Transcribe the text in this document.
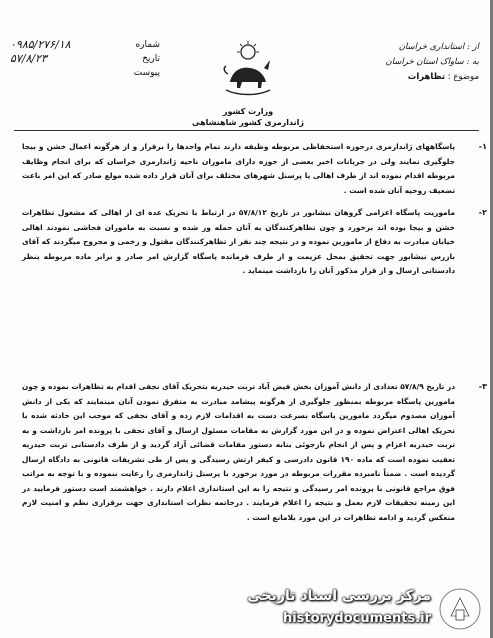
شماره
۰۹۸۵/۲۷۶/۱۸
تاریخ
۵۷/۸/۲۳
پیوست
وزارت کشور
ژاندارمری کشور شاهنشاهی
از : استانداری خراسان
به : ساواک استان خراسان
موضوع : تظاهرات
۱-
پاسگاههای ژاندارمری درحوزه استحفاظی مربوطه وظیفه دارند تمام واحدها را برقرار و از هرگونه اعمال خشن و بیجا جلوگیری نمایند ولی در جریانات اخیر بعضی از حوزه دارای ماموران ناحیه ژاندارمری خراسان که برای انجام وظایف مربوطه اقدام نموده اند از طرف اهالی یا پرسنل شهرهای مختلف برای آنان قرار داده شده مولع صادر که این امر باعث تضعیف روحیه آنان شده است .
۲-
ماموریت پاسگاه اعزامی گروهان نیشابور در تاریخ ۵۷/۸/۱۲ در ارتباط با تحریک عده ای از اهالی که مشغول تظاهرات خشن و بیجا بوده اند برخورد و چون تظاهرکنندگان به آنان حمله ور شده و نسبت به ماموران فحاشی نمودند اهالی خیابان مبادرت به دفاع از مامورین نموده و در نتیجه چند نفر از تظاهرکنندگان مقتول و زخمی و مجروح میگردند که آقای بازرس نیشابور جهت تحقیق بمحل عزیمت و از طرف فرمانده پاسگاه گزارش امر صادر و برابر ماده مربوطه بنظر دادستانی ارسال و از قرار مذکور آنان را بازداشت مینماید .
۳-
در تاریخ ۵۷/۸/۹ تعدادی از دانش آموزان بخش فیض آباد تربت حیدریه بتحریک آقای نجفی اقدام به تظاهرات نموده و چون مامورین پاسگاه مربوطه بمنظور جلوگیری از هرگونه پیشامد مبادرت به متفرق نمودن آنان مینمایند که یکی از دانش آموزان مصدوم میگردد مامورین پاسگاه بسرعت دست به اقدامات لازم زده و آقای نجفی که موجب این حادثه شده با تحریک اهالی اعتراض نموده و در این مورد گزارش به مقامات مسئول ارسال و آقای نجفی با پرونده امر بازداشت و به تربت حیدریه اعزام و پس از انجام بازجوئی بنابه دستور مقامات قضائی آزاد گردید و از طرف دادستانی تربت حیدریه تعقیب نموده است که ماده ۱۹۰ قانون دادرسی و کیفر ارتش رسیدگی و پس از طی تشریفات قانونی به دادگاه ارسال گردیده است . ضمناً نامبرده مقررات مربوطه در مورد برخورد با پرسنل ژاندارمری را رعایت ننموده و با توجه به مراتب فوق مراجع قانونی با پرونده امر رسیدگی و نتیجه را به این استانداری اعلام دارند . خواهشمند است دستور فرمایید در این زمینه تحقیقات لازم بعمل و نتیجه را اعلام فرمایند . درخاتمه نظرات استانداری جهت برقراری نظم و امنیت لازم منعکس گردید و ادامه تظاهرات در این مورد بلامانع است .
مرکز بررسی اسناد تاریخی
historydocuments.ir
